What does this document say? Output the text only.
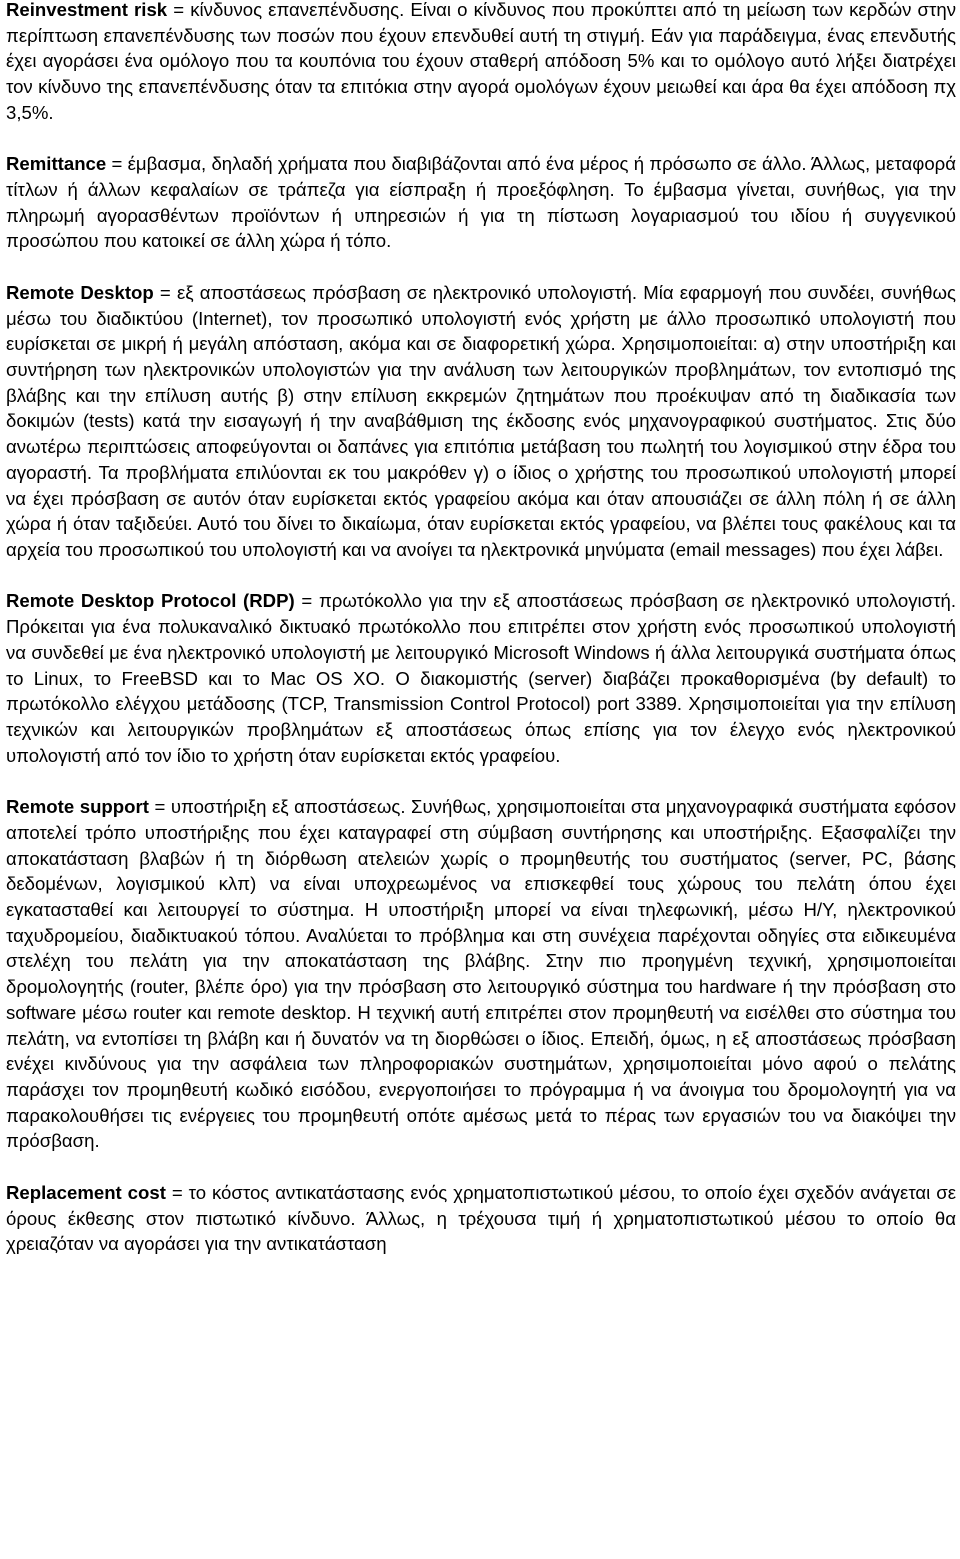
Reinvestment risk = κίνδυνος επανεπένδυσης. Είναι ο κίνδυνος που προκύπτει από τη μείωση των κερδών στην περίπτωση επανεπένδυσης των ποσών που έχουν επενδυθεί αυτή τη στιγμή. Εάν για παράδειγμα, ένας επενδυτής έχει αγοράσει ένα ομόλογο που τα κουπόνια του έχουν σταθερή απόδοση 5% και το ομόλογο αυτό λήξει διατρέχει τον κίνδυνο της επανεπένδυσης όταν τα επιτόκια στην αγορά ομολόγων έχουν μειωθεί και άρα θα έχει απόδοση πχ 3,5%.

Remittance = έμβασμα, δηλαδή χρήματα που διαβιβάζονται από ένα μέρος ή πρόσωπο σε άλλο. Άλλως, μεταφορά τίτλων ή άλλων κεφαλαίων σε τράπεζα για είσπραξη ή προεξόφληση. Το έμβασμα γίνεται, συνήθως, για την πληρωμή αγορασθέντων προϊόντων ή υπηρεσιών ή για τη πίστωση λογαριασμού του ιδίου ή συγγενικού προσώπου που κατοικεί σε άλλη χώρα ή τόπο.

Remote Desktop = εξ αποστάσεως πρόσβαση σε ηλεκτρονικό υπολογιστή. Μία εφαρμογή που συνδέει, συνήθως μέσω του διαδικτύου (Internet), τον προσωπικό υπολογιστή ενός χρήστη με άλλο προσωπικό υπολογιστή που ευρίσκεται σε μικρή ή μεγάλη απόσταση, ακόμα και σε διαφορετική χώρα. Χρησιμοποιείται: α) στην υποστήριξη και συντήρηση των ηλεκτρονικών υπολογιστών για την ανάλυση των λειτουργικών προβλημάτων, τον εντοπισμό της βλάβης και την επίλυση αυτής β) στην επίλυση εκκρεμών ζητημάτων που προέκυψαν από τη διαδικασία των δοκιμών (tests) κατά την εισαγωγή ή την αναβάθμιση της έκδοσης ενός μηχανογραφικού συστήματος. Στις δύο ανωτέρω περιπτώσεις αποφεύγονται οι δαπάνες για επιτόπια μετάβαση του πωλητή του λογισμικού στην έδρα του αγοραστή. Τα προβλήματα επιλύονται εκ του μακρόθεν γ) ο ίδιος ο χρήστης του προσωπικού υπολογιστή μπορεί να έχει πρόσβαση σε αυτόν όταν ευρίσκεται εκτός γραφείου ακόμα και όταν απουσιάζει σε άλλη πόλη ή σε άλλη χώρα ή όταν ταξιδεύει. Αυτό του δίνει το δικαίωμα, όταν ευρίσκεται εκτός γραφείου, να βλέπει τους φακέλους και τα αρχεία του προσωπικού του υπολογιστή και να ανοίγει τα ηλεκτρονικά μηνύματα (email messages) που έχει λάβει.

Remote Desktop Protocol (RDP) = πρωτόκολλο για την εξ αποστάσεως πρόσβαση σε ηλεκτρονικό υπολογιστή. Πρόκειται για ένα πολυκαναλικό δικτυακό πρωτόκολλο που επιτρέπει στον χρήστη ενός προσωπικού υπολογιστή να συνδεθεί με ένα ηλεκτρονικό υπολογιστή με λειτουργικό Microsoft Windows ή άλλα λειτουργικά συστήματα όπως το Linux, το FreeBSD και το Mac OS XO. Ο διακομιστής (server) διαβάζει προκαθορισμένα (by default) το πρωτόκολλο ελέγχου μετάδοσης (TCP, Transmission Control Protocol) port 3389. Χρησιμοποιείται για την επίλυση τεχνικών και λειτουργικών προβλημάτων εξ αποστάσεως όπως επίσης για τον έλεγχο ενός ηλεκτρονικού υπολογιστή από τον ίδιο το χρήστη όταν ευρίσκεται εκτός γραφείου.

Remote support = υποστήριξη εξ αποστάσεως. Συνήθως, χρησιμοποιείται στα μηχανογραφικά συστήματα εφόσον αποτελεί τρόπο υποστήριξης που έχει καταγραφεί στη σύμβαση συντήρησης και υποστήριξης. Εξασφαλίζει την αποκατάσταση βλαβών ή τη διόρθωση ατελειών χωρίς ο προμηθευτής του συστήματος (server, PC, βάσης δεδομένων, λογισμικού κλπ) να είναι υποχρεωμένος να επισκεφθεί τους χώρους του πελάτη όπου έχει εγκατασταθεί και λειτουργεί το σύστημα. Η υποστήριξη μπορεί να είναι τηλεφωνική, μέσω Η/Υ, ηλεκτρονικού ταχυδρομείου, διαδικτυακού τόπου. Αναλύεται το πρόβλημα και στη συνέχεια παρέχονται οδηγίες στα ειδικευμένα στελέχη του πελάτη για την αποκατάσταση της βλάβης. Στην πιο προηγμένη τεχνική, χρησιμοποιείται δρομολογητής (router, βλέπε όρο) για την πρόσβαση στο λειτουργικό σύστημα του hardware ή την πρόσβαση στο software μέσω router και remote desktop. Η τεχνική αυτή επιτρέπει στον προμηθευτή να εισέλθει στο σύστημα του πελάτη, να εντοπίσει τη βλάβη και ή δυνατόν να τη διορθώσει ο ίδιος. Επειδή, όμως, η εξ αποστάσεως πρόσβαση ενέχει κινδύνους για την ασφάλεια των πληροφοριακών συστημάτων, χρησιμοποιείται μόνο αφού ο πελάτης παράσχει τον προμηθευτή κωδικό εισόδου, ενεργοποιήσει το πρόγραμμα ή να άνοιγμα του δρομολογητή για να παρακολουθήσει τις ενέργειες του προμηθευτή οπότε αμέσως μετά το πέρας των εργασιών του να διακόψει την πρόσβαση.

Replacement cost = το κόστος αντικατάστασης ενός χρηματοπιστωτικού μέσου, το οποίο έχει σχεδόν ανάγεται σε όρους έκθεσης στον πιστωτικό κίνδυνο. Άλλως, η τρέχουσα τιμή ή χρηματοπιστωτικού μέσου το οποίο θα χρειαζόταν να αγοράσει για την αντικατάσταση
